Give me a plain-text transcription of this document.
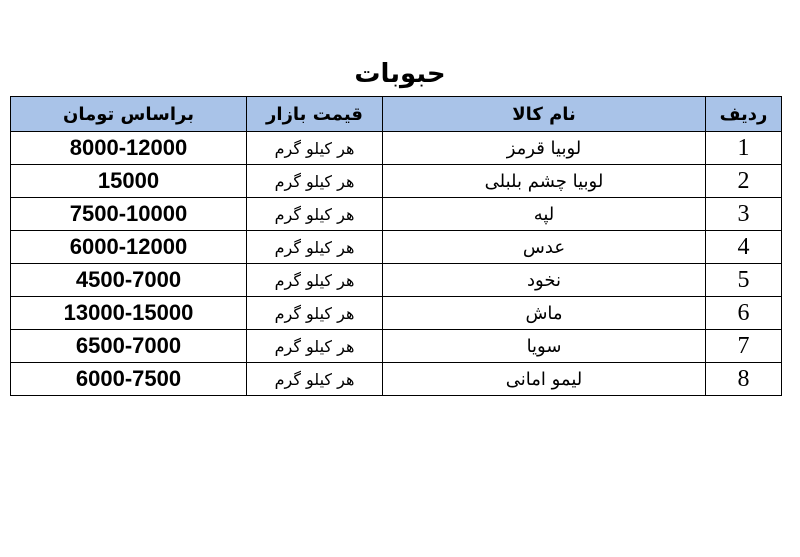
حبوبات
ردیف	نام کالا	قیمت بازار	براساس تومان
1	لوبیا قرمز	هر کیلو گرم	8000-12000
2	لوبیا چشم بلبلی	هر کیلو گرم	15000
3	لپه	هر کیلو گرم	7500-10000
4	عدس	هر کیلو گرم	6000-12000
5	نخود	هر کیلو گرم	4500-7000
6	ماش	هر کیلو گرم	13000-15000
7	سویا	هر کیلو گرم	6500-7000
8	لیمو امانی	هر کیلو گرم	6000-7500
